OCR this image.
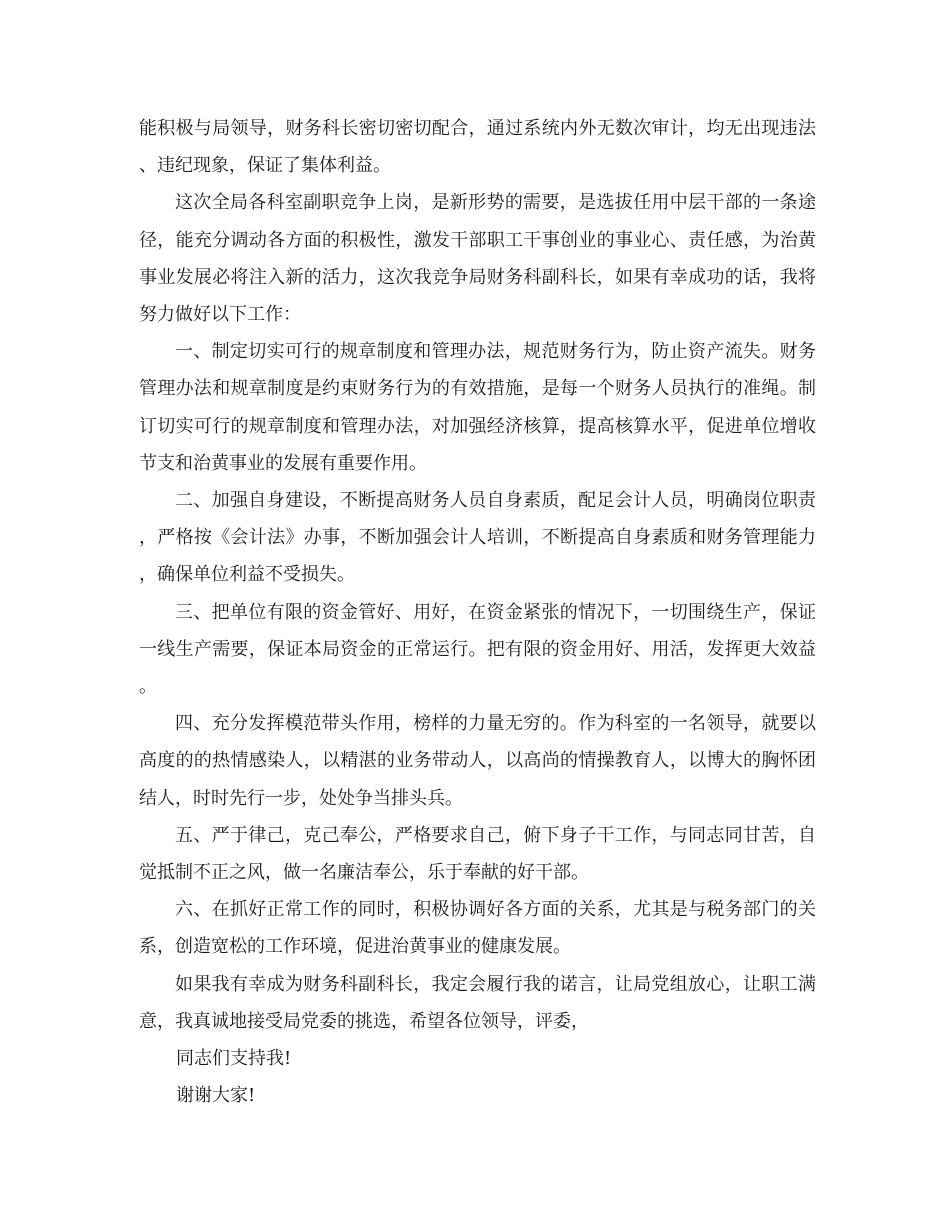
能积极与局领导，财务科长密切密切配合，通过系统内外无数次审计，均无出现违法、违纪现象，保证了集体利益。

这次全局各科室副职竞争上岗，是新形势的需要，是选拔任用中层干部的一条途径，能充分调动各方面的积极性，激发干部职工干事创业的事业心、责任感，为治黄事业发展必将注入新的活力，这次我竞争局财务科副科长，如果有幸成功的话，我将努力做好以下工作：

一、制定切实可行的规章制度和管理办法，规范财务行为，防止资产流失。财务管理办法和规章制度是约束财务行为的有效措施，是每一个财务人员执行的准绳。制订切实可行的规章制度和管理办法，对加强经济核算，提高核算水平，促进单位增收节支和治黄事业的发展有重要作用。

二、加强自身建设，不断提高财务人员自身素质，配足会计人员，明确岗位职责，严格按《会计法》办事，不断加强会计人培训，不断提高自身素质和财务管理能力，确保单位利益不受损失。

三、把单位有限的资金管好、用好，在资金紧张的情况下，一切围绕生产，保证一线生产需要，保证本局资金的正常运行。把有限的资金用好、用活，发挥更大效益。

四、充分发挥模范带头作用，榜样的力量无穷的。作为科室的一名领导，就要以高度的的热情感染人，以精湛的业务带动人，以高尚的情操教育人，以博大的胸怀团结人，时时先行一步，处处争当排头兵。

五、严于律己，克己奉公，严格要求自己，俯下身子干工作，与同志同甘苦，自觉抵制不正之风，做一名廉洁奉公，乐于奉献的好干部。

六、在抓好正常工作的同时，积极协调好各方面的关系，尤其是与税务部门的关系，创造宽松的工作环境，促进治黄事业的健康发展。

如果我有幸成为财务科副科长，我定会履行我的诺言，让局党组放心，让职工满意，我真诚地接受局党委的挑选，希望各位领导，评委，

同志们支持我!

谢谢大家!
